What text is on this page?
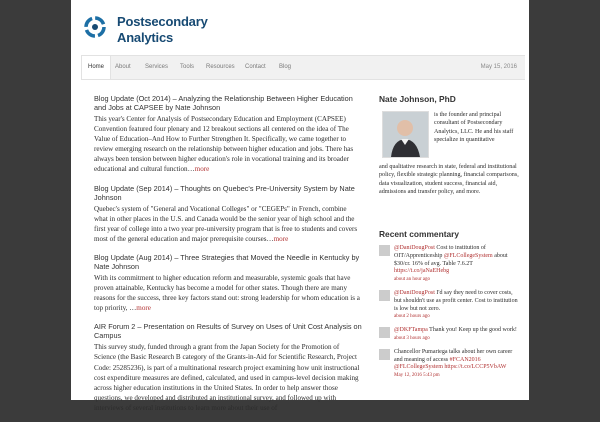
Postsecondary
Analytics
Home	About	Services	Tools	Resources	Contact	Blog	May 15, 2016
Blog Update (Oct 2014) – Analyzing the Relationship Between Higher Education and Jobs at CAPSEE by Nate Johnson

This year's Center for Analysis of Postsecondary Education and Employment (CAPSEE) Convention featured four plenary and 12 breakout sections all centered on the idea of The Value of Education–And How to Further Strengthen It. Specifically, we came together to review emerging research on the relationship between higher education and jobs. There has always been tension between higher education's role in vocational training and its broader educational and cultural function…more

Blog Update (Sep 2014) – Thoughts on Quebec's Pre-University System by Nate Johnson

Quebec's system of "General and Vocational Colleges" or "CEGEPs" in French, combine what in other places in the U.S. and Canada would be the senior year of high school and the first year of college into a two year pre-university program that is free to students and covers most of the general education and major prerequisite courses…more

Blog Update (Aug 2014) – Three Strategies that Moved the Needle in Kentucky by Nate Johnson

With its commitment to higher education reform and measurable, systemic goals that have proven attainable, Kentucky has become a model for other states. Though there are many reasons for the success, three key factors stand out: strong leadership for whom education is a top priority, …more

AIR Forum 2 – Presentation on Results of Survey on Uses of Unit Cost Analysis on Campus

This survey study, funded through a grant from the Japan Society for the Promotion of Science (the Basic Research B category of the Grants-in-Aid for Scientific Research, Project Code: 25285236), is part of a multinational research project examining how unit instructional cost expenditure measures are defined, calculated, and used in campus-level decision making across higher education institutions in the United States. In order to help answer those questions, we developed and distributed an institutional survey, and followed up with interviews of several institutions to learn more about their use of

Nate Johnson, PhD
is the founder and principal consultant of Postsecondary Analytics, LLC. He and his staff specialize in quantitative
and qualitative research in state, federal and institutional policy, flexible strategic planning, financial comparisons, data visualization, student success, financial aid, admissions and transfer policy, and more.
Recent commentary
@DaniDougPost Cost to institution of OIT/Apprenticeship @FLCollegeSystem about $30/cr. 16% of avg. Table 7.6.2T https://t.co/jaNaEHebg
about an hour ago
@DaniDougPost I'd say they need to cover costs, but shouldn't use as profit center. Cost to institution is low but not zero.
about 2 hours ago
@DKFTampa Thank you! Keep up the good work!
about 3 hours ago
Chancellor Pumariega talks about her own career and meaning of access #FCAN2016 @FLCollegeSystem https://t.co/LCCP5VbAW
May 12, 2016 5:43 pm
